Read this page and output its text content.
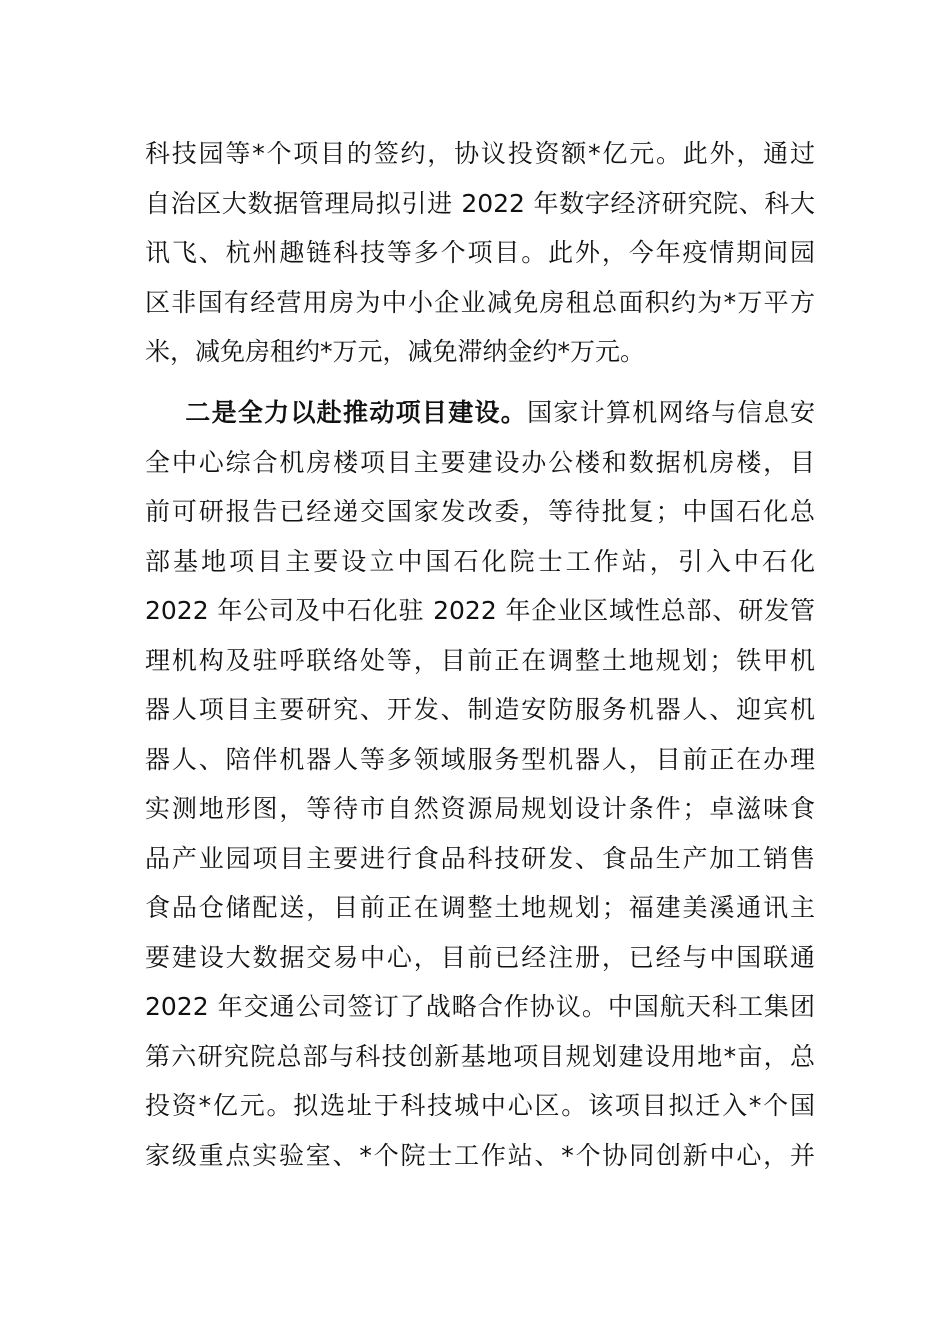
科技园等*个项目的签约，协议投资额*亿元。此外，通过
自治区大数据管理局拟引进 2022 年数字经济研究院、科大
讯飞、杭州趣链科技等多个项目。此外，今年疫情期间园
区非国有经营用房为中小企业减免房租总面积约为*万平方
米，减免房租约*万元，减免滞纳金约*万元。
二是全力以赴推动项目建设。国家计算机网络与信息安
全中心综合机房楼项目主要建设办公楼和数据机房楼，目
前可研报告已经递交国家发改委，等待批复；中国石化总
部基地项目主要设立中国石化院士工作站，引入中石化
2022 年公司及中石化驻 2022 年企业区域性总部、研发管
理机构及驻呼联络处等，目前正在调整土地规划；铁甲机
器人项目主要研究、开发、制造安防服务机器人、迎宾机
器人、陪伴机器人等多领域服务型机器人，目前正在办理
实测地形图，等待市自然资源局规划设计条件；卓滋味食
品产业园项目主要进行食品科技研发、食品生产加工销售
食品仓储配送，目前正在调整土地规划；福建美溪通讯主
要建设大数据交易中心，目前已经注册，已经与中国联通
2022 年交通公司签订了战略合作协议。中国航天科工集团
第六研究院总部与科技创新基地项目规划建设用地*亩，总
投资*亿元。拟选址于科技城中心区。该项目拟迁入*个国
家级重点实验室、*个院士工作站、*个协同创新中心，并
